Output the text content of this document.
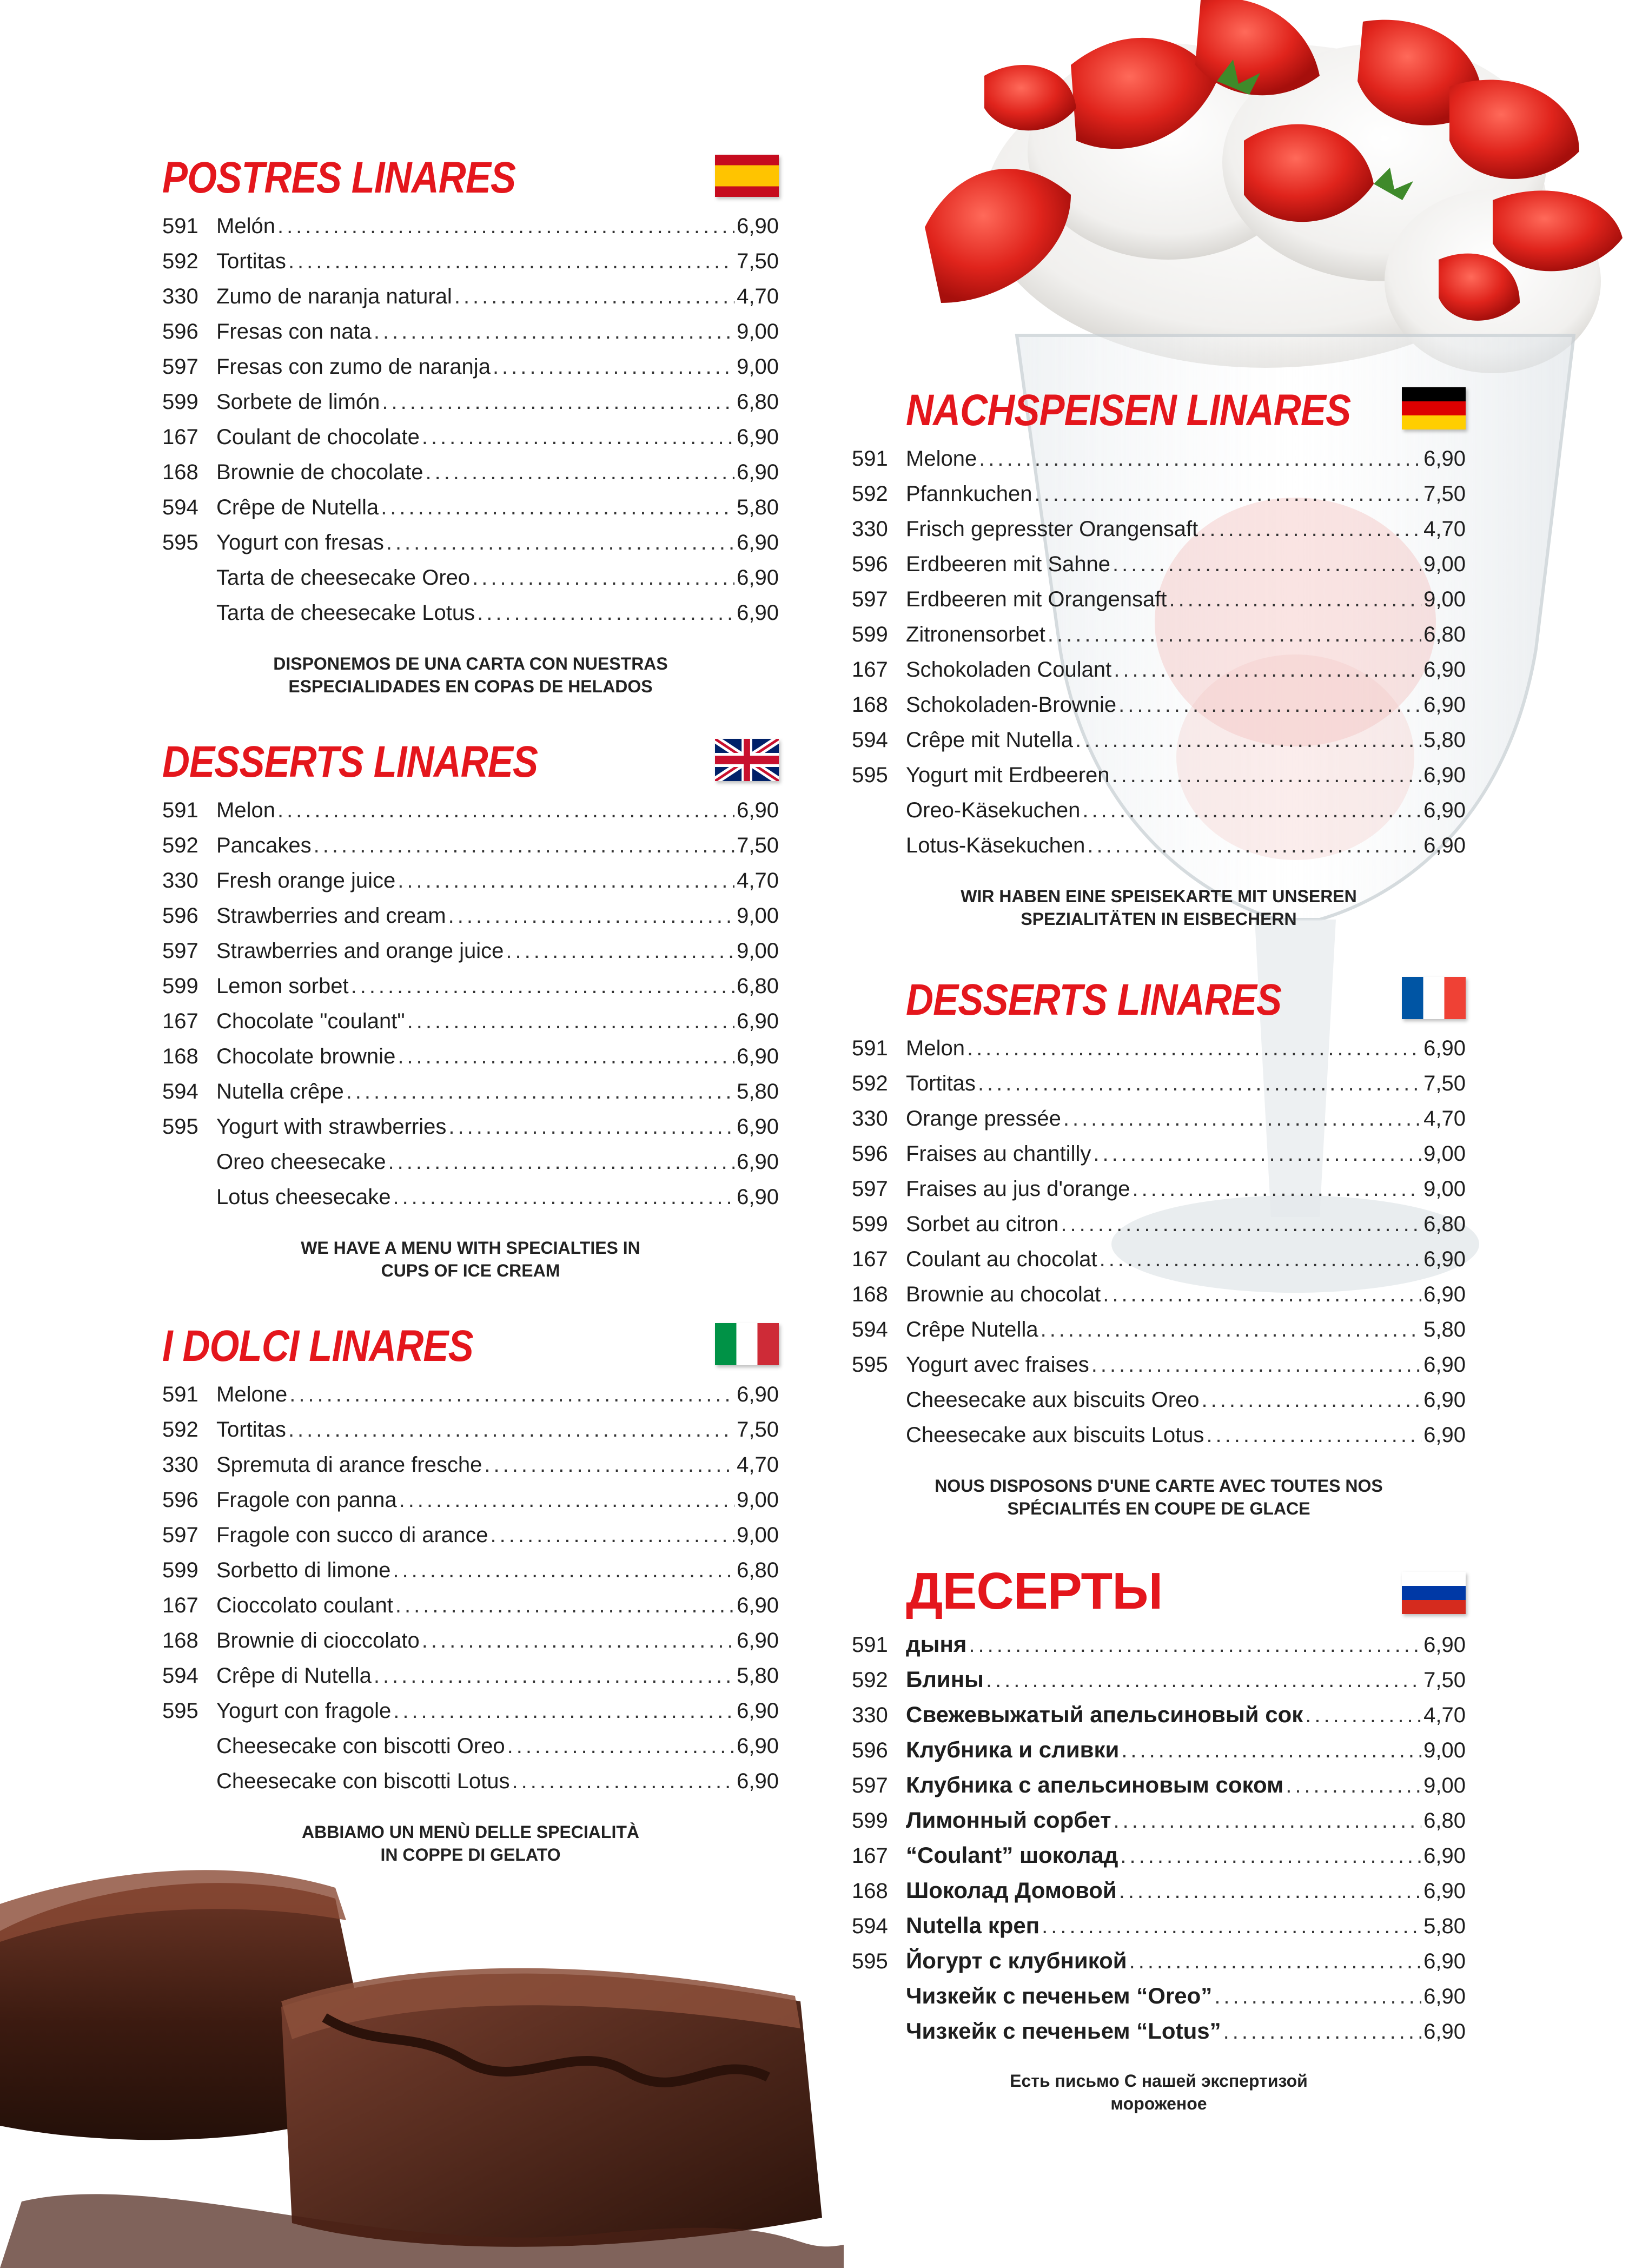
POSTRES LINARES
591 Melón .....	6,90
592 Tortitas .....	7,50
330 Zumo de naranja natural .....	4,70
596 Fresas con nata .....	9,00
597 Fresas con zumo de naranja .....	9,00
599 Sorbete de limón .....	6,80
167 Coulant de chocolate .....	6,90
168 Brownie de chocolate .....	6,90
594 Crêpe de Nutella .....	5,80
595 Yogurt con fresas .....	6,90
Tarta de cheesecake Oreo .....	6,90
Tarta de cheesecake Lotus .....	6,90
DISPONEMOS DE UNA CARTA CON NUESTRAS
ESPECIALIDADES EN COPAS DE HELADOS
DESSERTS LINARES
591 Melon .....	6,90
592 Pancakes .....	7,50
330 Fresh orange juice .....	4,70
596 Strawberries and cream .....	9,00
597 Strawberries and orange juice .....	9,00
599 Lemon sorbet .....	6,80
167 Chocolate "coulant" .....	6,90
168 Chocolate brownie .....	6,90
594 Nutella crêpe .....	5,80
595 Yogurt with strawberries .....	6,90
Oreo cheesecake .....	6,90
Lotus cheesecake .....	6,90
WE HAVE A MENU WITH SPECIALTIES IN
CUPS OF ICE CREAM
I DOLCI LINARES
591 Melone .....	6,90
592 Tortitas .....	7,50
330 Spremuta di arance fresche .....	4,70
596 Fragole con panna .....	9,00
597 Fragole con succo di arance .....	9,00
599 Sorbetto di limone .....	6,80
167 Cioccolato coulant .....	6,90
168 Brownie di cioccolato .....	6,90
594 Crêpe di Nutella .....	5,80
595 Yogurt con fragole .....	6,90
Cheesecake con biscotti Oreo .....	6,90
Cheesecake con biscotti Lotus .....	6,90
ABBIAMO UN MENÙ DELLE SPECIALITÀ
IN COPPE DI GELATO
NACHSPEISEN LINARES
591 Melone .....	6,90
592 Pfannkuchen .....	7,50
330 Frisch gepresster Orangensaft .....	4,70
596 Erdbeeren mit Sahne .....	9,00
597 Erdbeeren mit Orangensaft .....	9,00
599 Zitronensorbet .....	6,80
167 Schokoladen Coulant .....	6,90
168 Schokoladen-Brownie .....	6,90
594 Crêpe mit Nutella .....	5,80
595 Yogurt mit Erdbeeren .....	6,90
Oreo-Käsekuchen .....	6,90
Lotus-Käsekuchen .....	6,90
WIR HABEN EINE SPEISEKARTE MIT UNSEREN
SPEZIALITÄTEN IN EISBECHERN
DESSERTS LINARES
591 Melon .....	6,90
592 Tortitas .....	7,50
330 Orange pressée .....	4,70
596 Fraises au chantilly .....	9,00
597 Fraises au jus d'orange .....	9,00
599 Sorbet au citron .....	6,80
167 Coulant au chocolat .....	6,90
168 Brownie au chocolat .....	6,90
594 Crêpe Nutella .....	5,80
595 Yogurt avec fraises .....	6,90
Cheesecake aux biscuits Oreo .....	6,90
Cheesecake aux biscuits Lotus .....	6,90
NOUS DISPOSONS D'UNE CARTE AVEC TOUTES NOS
SPÉCIALITÉS EN COUPE DE GLACE
ДЕСЕРТЫ
591 дыня .....	6,90
592 Блины .....	7,50
330 Свежевыжатый апельсиновый сок .....	4,70
596 Клубника и сливки .....	9,00
597 Клубника с апельсиновым соком .....	9,00
599 Лимонный сорбет .....	6,80
167 “Coulant” шоколад .....	6,90
168 Шоколад Домовой .....	6,90
594 Nutella креп .....	5,80
595 Йогурт с клубникой .....	6,90
Чизкейк с печеньем “Oreo” .....	6,90
Чизкейк с печеньем “Lotus” .....	6,90
Есть письмо С нашей экспертизой
мороженое
